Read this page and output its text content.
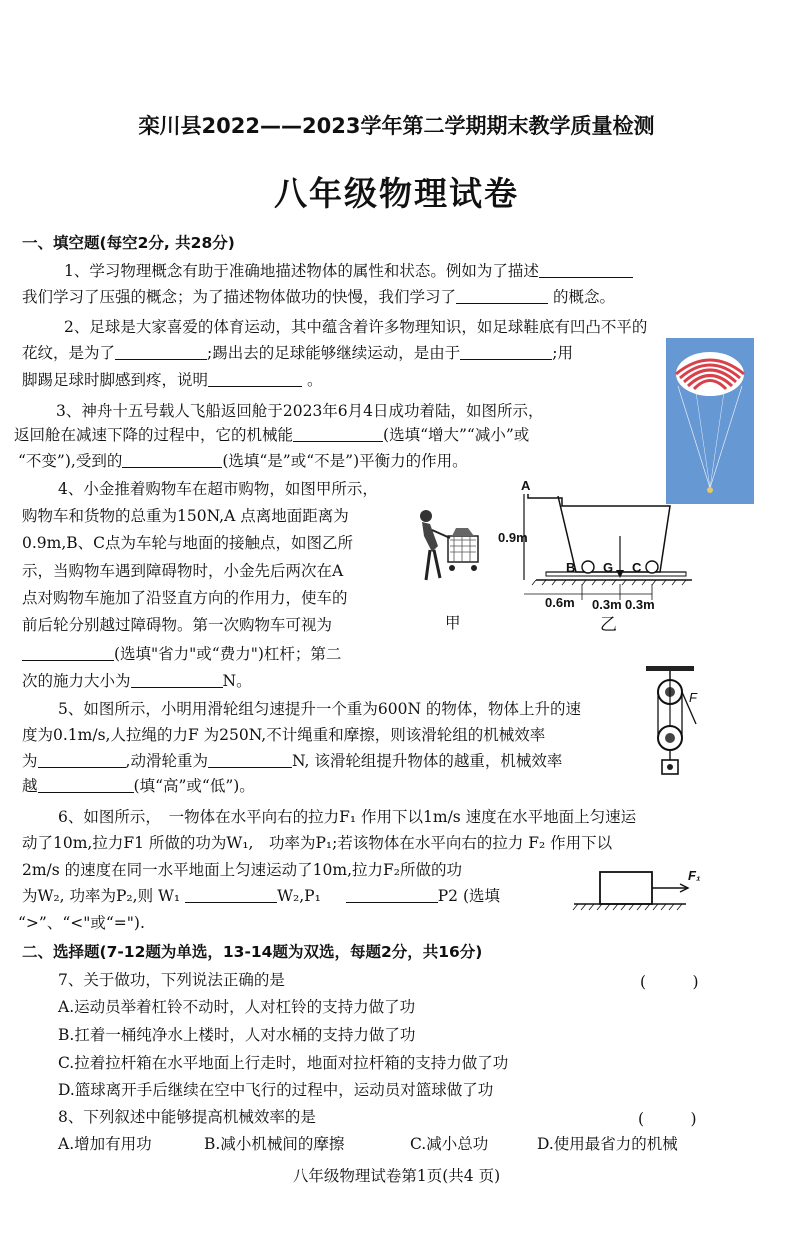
栾川县2022——2023学年第二学期期末教学质量检测
八年级物理试卷
一、填空题(每空2分, 共28分)
1、学习物理概念有助于准确地描述物体的属性和状态。例如为了描述
我们学习了压强的概念；为了描述物体做功的快慢，我们学习了	的概念。
2、足球是大家喜爱的体育运动，其中蕴含着许多物理知识，如足球鞋底有凹凸不平的
花纹，是为了	;踢出去的足球能够继续运动，是由于	;用
脚踢足球时脚感到疼，说明	。
3、神舟十五号载人飞船返回舱于2023年6月4日成功着陆，如图所示，
返回舱在减速下降的过程中，它的机械能	(选填“增大”“减小”或
“不变”),受到的	(选填“是”或“不是”)平衡力的作用。
4、小金推着购物车在超市购物，如图甲所示，
购物车和货物的总重为150N,A 点离地面距离为
0.9m,B、C点为车轮与地面的接触点，如图乙所
示，当购物车遇到障碍物时，小金先后两次在A
点对购物车施加了沿竖直方向的作用力，使车的
前后轮分别越过障碍物。第一次购物车可视为
(选填"省力"或“费力")杠杆；第二
次的施力大小为	N。
甲
A
0.9m
B G C
0.6m 0.3m 0.3m
乙
F
5、如图所示，小明用滑轮组匀速提升一个重为600N 的物体，物体上升的速
度为0.1m/s,人拉绳的力F 为250N,不计绳重和摩擦，则该滑轮组的机械效率
为	,动滑轮重为	N, 该滑轮组提升物体的越重，机械效率
越	(填“高”或“低”)。
6、如图所示，　一物体在水平向右的拉力F₁ 作用下以1m/s 速度在水平地面上匀速运
动了10m,拉力F1 所做的功为W₁,　功率为P₁;若该物体在水平向右的拉力 F₂ 作用下以
2m/s 的速度在同一水平地面上匀速运动了10m,拉力F₂所做的功
为W₂, 功率为P₂,则 W₁	W₂,P₁	P2 (选填
“>”、“<"或“=").
F₁
二、选择题(7-12题为单选，13-14题为双选，每题2分，共16分)
7、关于做功，下列说法正确的是	(　　　)
A.运动员举着杠铃不动时，人对杠铃的支持力做了功
B.扛着一桶纯净水上楼时，人对水桶的支持力做了功
C.拉着拉杆箱在水平地面上行走时，地面对拉杆箱的支持力做了功
D.篮球离开手后继续在空中飞行的过程中，运动员对篮球做了功
8、下列叙述中能够提高机械效率的是	(　　　)
A.增加有用功	B.减小机械间的摩擦	C.减小总功	D.使用最省力的机械
八年级物理试卷第1页(共4 页)
